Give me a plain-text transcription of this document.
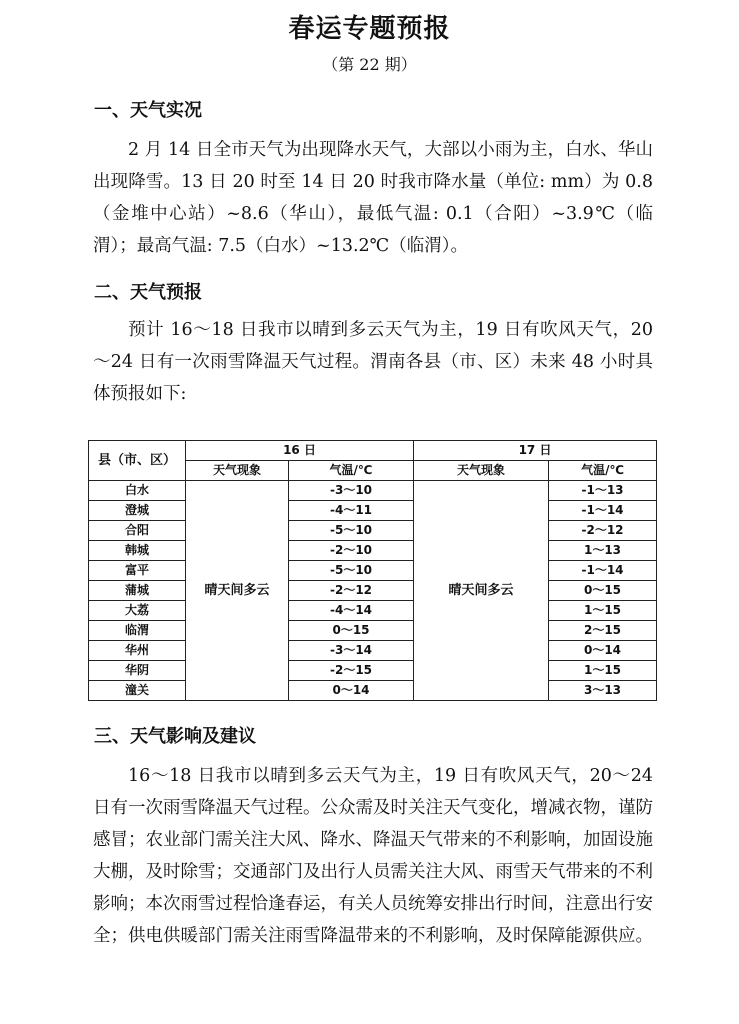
春运专题预报
（第 22 期）
一、天气实况

2 月 14 日全市天气为出现降水天气，大部以小雨为主，白水、华山出现降雪。13 日 20 时至 14 日 20 时我市降水量（单位: mm）为 0.8（金堆中心站）~8.6（华山），最低气温: 0.1（合阳）~3.9℃（临渭）；最高气温: 7.5（白水）~13.2℃（临渭）。

二、天气预报

预计 16～18 日我市以晴到多云天气为主，19 日有吹风天气，20～24 日有一次雨雪降温天气过程。渭南各县（市、区）未来 48 小时具体预报如下:

县（市、区）	16 日		17 日	
	天气现象	气温/℃	天气现象	气温/℃
白水	晴天间多云	-3～10	晴天间多云	-1～13
澄城		-4～11		-1～14
合阳		-5～10		-2～12
韩城		-2～10		1～13
富平		-5～10		-1～14
蒲城		-2～12		0～15
大荔		-4～14		1～15
临渭		0～15		2～15
华州		-3～14		0～14
华阴		-2～15		1～15
潼关		0～14		3～13
三、天气影响及建议

16～18 日我市以晴到多云天气为主，19 日有吹风天气，20～24 日有一次雨雪降温天气过程。公众需及时关注天气变化，增减衣物，谨防感冒；农业部门需关注大风、降水、降温天气带来的不利影响，加固设施大棚，及时除雪；交通部门及出行人员需关注大风、雨雪天气带来的不利影响；本次雨雪过程恰逢春运，有关人员统筹安排出行时间，注意出行安全；供电供暖部门需关注雨雪降温带来的不利影响，及时保障能源供应。
